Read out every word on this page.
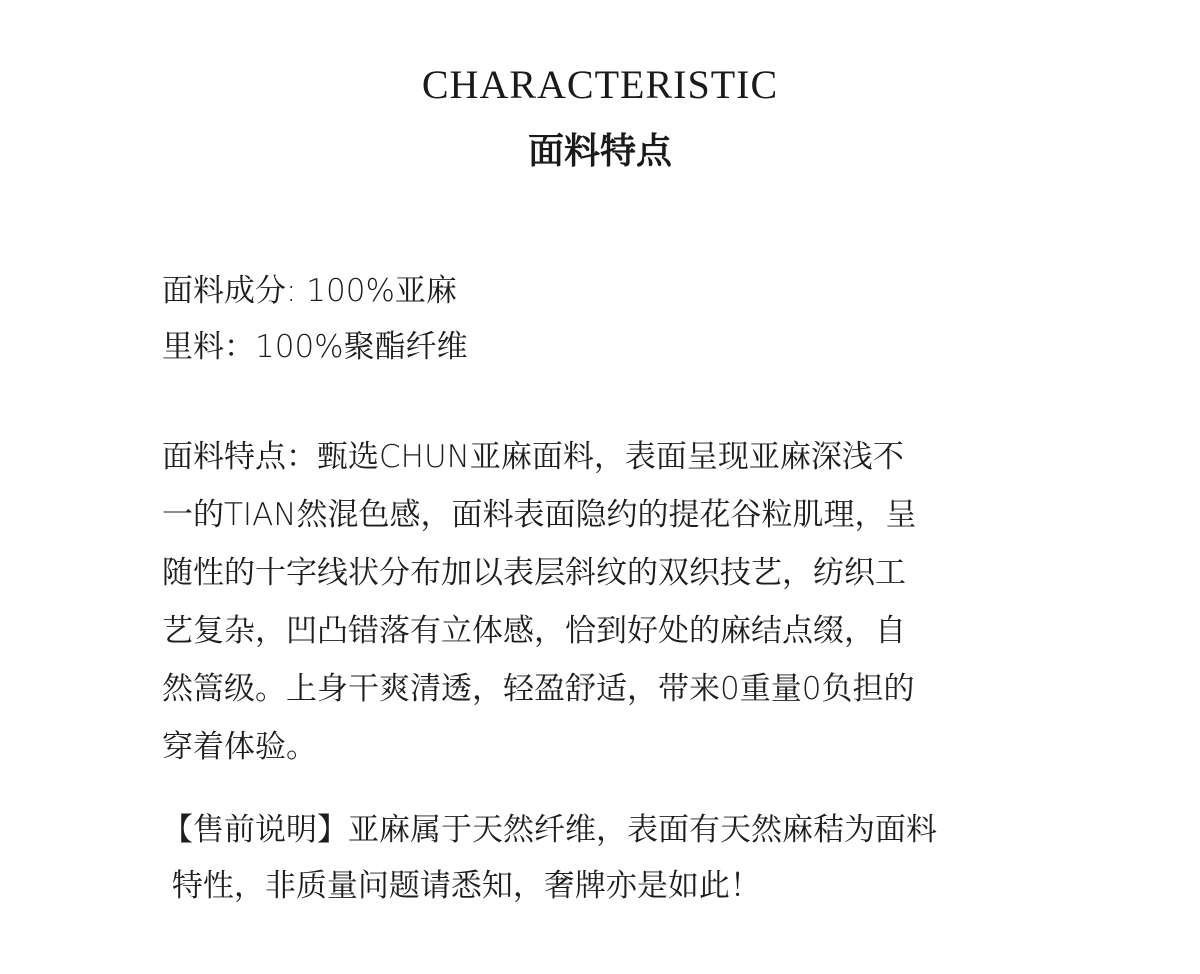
CHARACTERISTIC
面料特点
面料成分: 100%亚麻
里料：100%聚酯纤维
面料特点：甄选CHUN亚麻面料，表面呈现亚麻深浅不
一的TIAN然混色感，面料表面隐约的提花谷粒肌理，呈
随性的十字线状分布加以表层斜纹的双织技艺，纺织工
艺复杂，凹凸错落有立体感，恰到好处的麻结点缀，自
然篙级。上身干爽清透，轻盈舒适，带来0重量0负担的
穿着体验。
【售前说明】亚麻属于天然纤维，表面有天然麻秸为面料
特性，非质量问题请悉知，奢牌亦是如此！
